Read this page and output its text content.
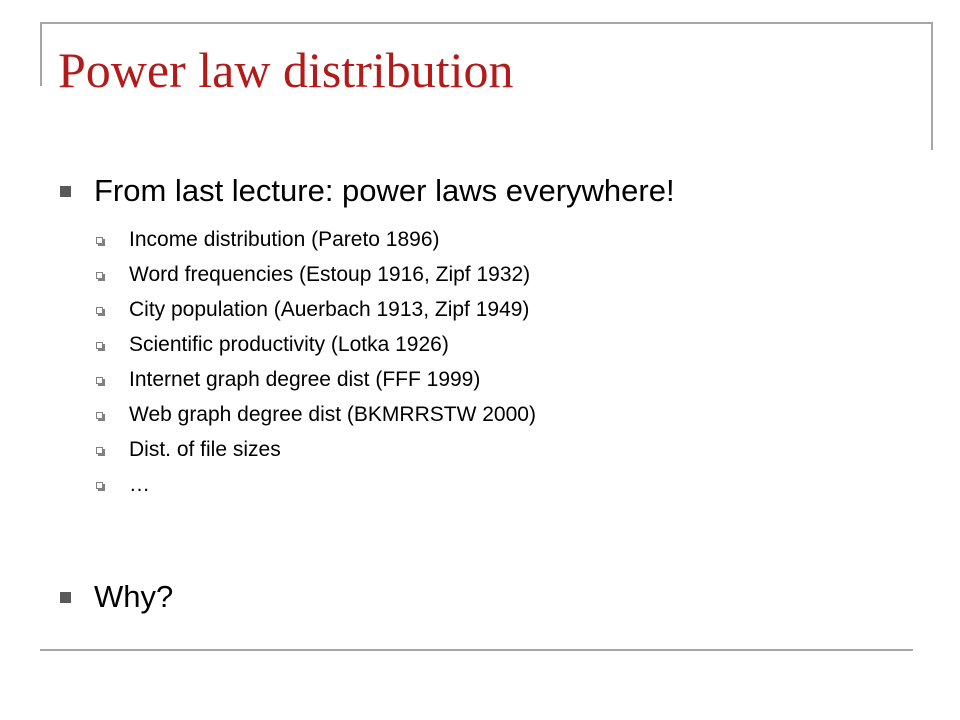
Power law distribution
From last lecture: power laws everywhere!
Income distribution (Pareto 1896)
Word frequencies (Estoup 1916, Zipf 1932)
City population (Auerbach 1913, Zipf 1949)
Scientific productivity (Lotka 1926)
Internet graph degree dist (FFF 1999)
Web graph degree dist (BKMRRSTW 2000)
Dist. of file sizes
…
Why?
